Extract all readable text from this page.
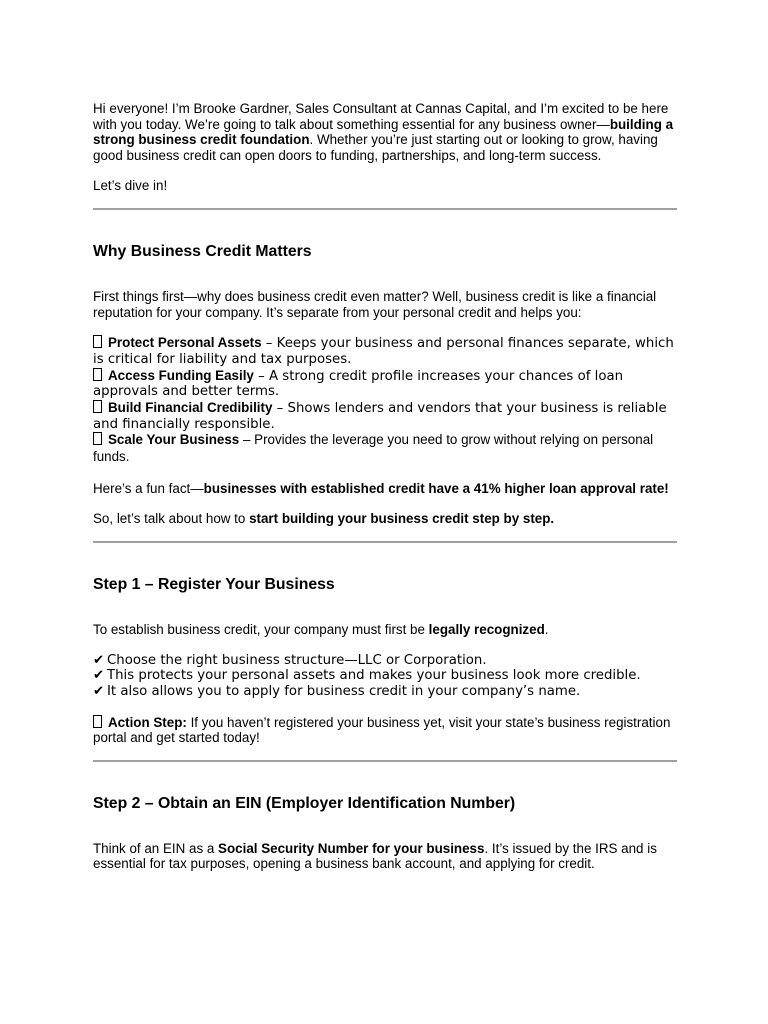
Hi everyone! I’m Brooke Gardner, Sales Consultant at Cannas Capital, and I’m excited to be here with you today. We’re going to talk about something essential for any business owner—building a strong business credit foundation. Whether you’re just starting out or looking to grow, having good business credit can open doors to funding, partnerships, and long-term success.

Let’s dive in!

Why Business Credit Matters

First things first—why does business credit even matter? Well, business credit is like a financial reputation for your company. It’s separate from your personal credit and helps you:

Protect Personal Assets – Keeps your business and personal finances separate, which is critical for liability and tax purposes.

Access Funding Easily – A strong credit profile increases your chances of loan approvals and better terms.

Build Financial Credibility – Shows lenders and vendors that your business is reliable and financially responsible.

Scale Your Business – Provides the leverage you need to grow without relying on personal funds.

Here’s a fun fact—businesses with established credit have a 41% higher loan approval rate!

So, let’s talk about how to start building your business credit step by step.

Step 1 – Register Your Business

To establish business credit, your company must first be legally recognized.

✔ Choose the right business structure—LLC or Corporation.

✔ This protects your personal assets and makes your business look more credible.

✔ It also allows you to apply for business credit in your company’s name.

Action Step: If you haven’t registered your business yet, visit your state’s business registration portal and get started today!

Step 2 – Obtain an EIN (Employer Identification Number)

Think of an EIN as a Social Security Number for your business. It’s issued by the IRS and is essential for tax purposes, opening a business bank account, and applying for credit.
